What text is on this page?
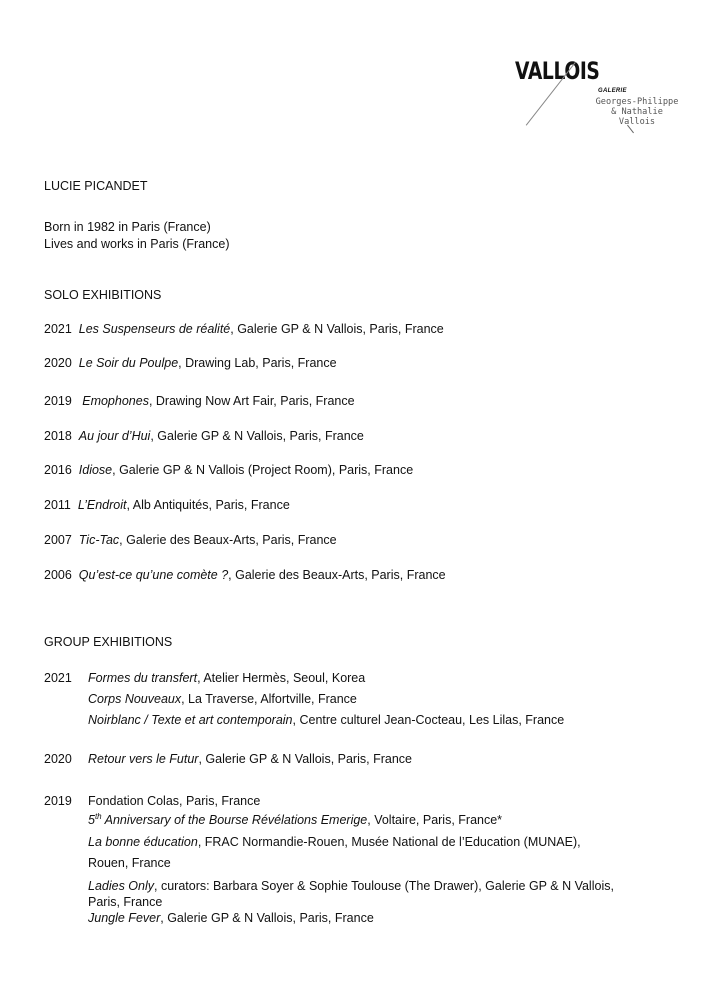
VALLOIS
GALERIE
Georges-Philippe
& Nathalie
Vallois
LUCIE PICANDET
Born in 1982 in Paris (France)
Lives and works in Paris (France)
SOLO EXHIBITIONS
2021 Les Suspenseurs de réalité, Galerie GP & N Vallois, Paris, France
2020 Le Soir du Poulpe, Drawing Lab, Paris, France
2019 Emophones, Drawing Now Art Fair, Paris, France
2018 Au jour d’Hui, Galerie GP & N Vallois, Paris, France
2016 Idiose, Galerie GP & N Vallois (Project Room), Paris, France
2011 L’Endroit, Alb Antiquités, Paris, France
2007 Tic-Tac, Galerie des Beaux-Arts, Paris, France
2006 Qu’est-ce qu’une comète ?, Galerie des Beaux-Arts, Paris, France
GROUP EXHIBITIONS
2021 Formes du transfert, Atelier Hermès, Seoul, Korea
Corps Nouveaux, La Traverse, Alfortville, France
Noirblanc / Texte et art contemporain, Centre culturel Jean-Cocteau, Les Lilas, France
2020 Retour vers le Futur, Galerie GP & N Vallois, Paris, France
2019 Fondation Colas, Paris, France
5th Anniversary of the Bourse Révélations Emerige, Voltaire, Paris, France*
La bonne éducation, FRAC Normandie-Rouen, Musée National de l’Education (MUNAE),
Rouen, France
Ladies Only, curators: Barbara Soyer & Sophie Toulouse (The Drawer), Galerie GP & N Vallois,
Paris, France
Jungle Fever, Galerie GP & N Vallois, Paris, France
